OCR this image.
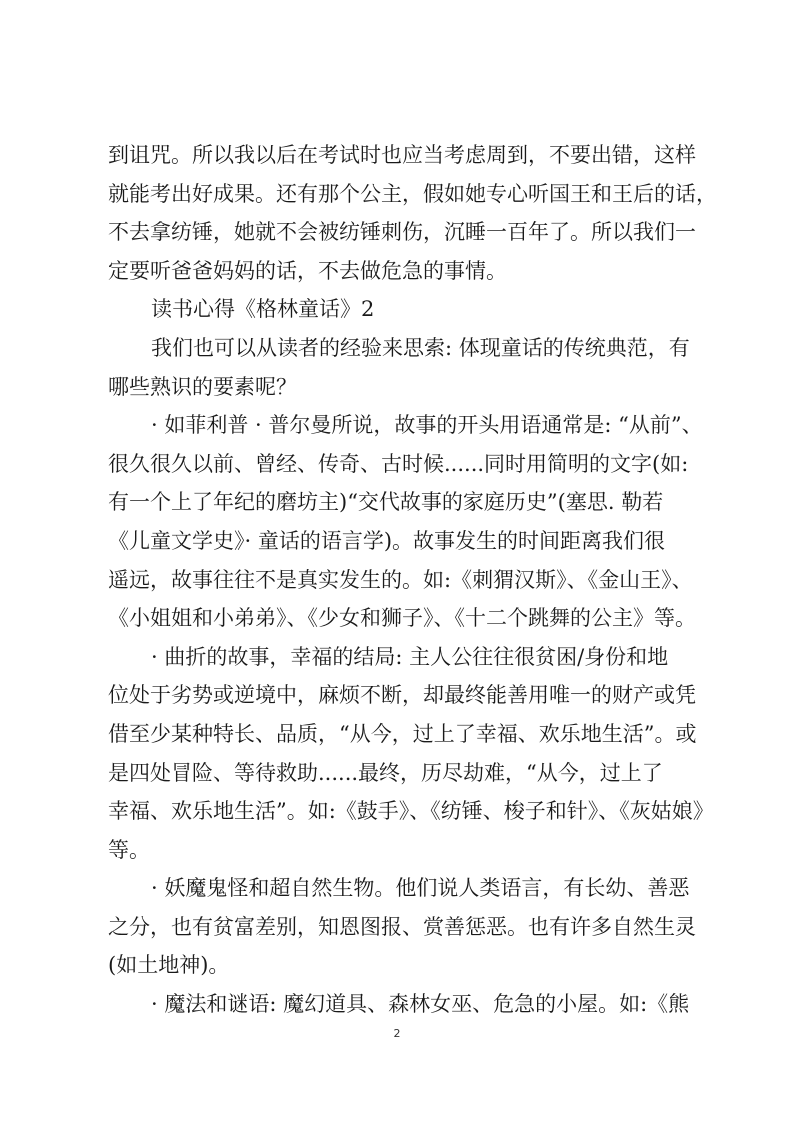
到诅咒。所以我以后在考试时也应当考虑周到，不要出错，这样
就能考出好成果。还有那个公主，假如她专心听国王和王后的话，
不去拿纺锤，她就不会被纺锤刺伤，沉睡一百年了。所以我们一
定要听爸爸妈妈的话，不去做危急的事情。
读书心得《格林童话》2
我们也可以从读者的经验来思索: 体现童话的传统典范，有
哪些熟识的要素呢？
· 如菲利普 · 普尔曼所说，故事的开头用语通常是: “从前”、
很久很久以前、曾经、传奇、古时候......同时用简明的文字(如:
有一个上了年纪的磨坊主)“交代故事的家庭历史”(塞思. 勒若
《儿童文学史》· 童话的语言学)。故事发生的时间距离我们很
遥远，故事往往不是真实发生的。如:《刺猬汉斯》、《金山王》、
《小姐姐和小弟弟》、《少女和狮子》、《十二个跳舞的公主》等。
· 曲折的故事，幸福的结局: 主人公往往很贫困/身份和地
位处于劣势或逆境中，麻烦不断，却最终能善用唯一的财产或凭
借至少某种特长、品质，“从今，过上了幸福、欢乐地生活”。或
是四处冒险、等待救助......最终，历尽劫难，“从今，过上了
幸福、欢乐地生活”。如:《鼓手》、《纺锤、梭子和针》、《灰姑娘》
等。
· 妖魔鬼怪和超自然生物。他们说人类语言，有长幼、善恶
之分，也有贫富差别，知恩图报、赏善惩恶。也有许多自然生灵
(如土地神)。
· 魔法和谜语: 魔幻道具、森林女巫、危急的小屋。如:《熊
2
